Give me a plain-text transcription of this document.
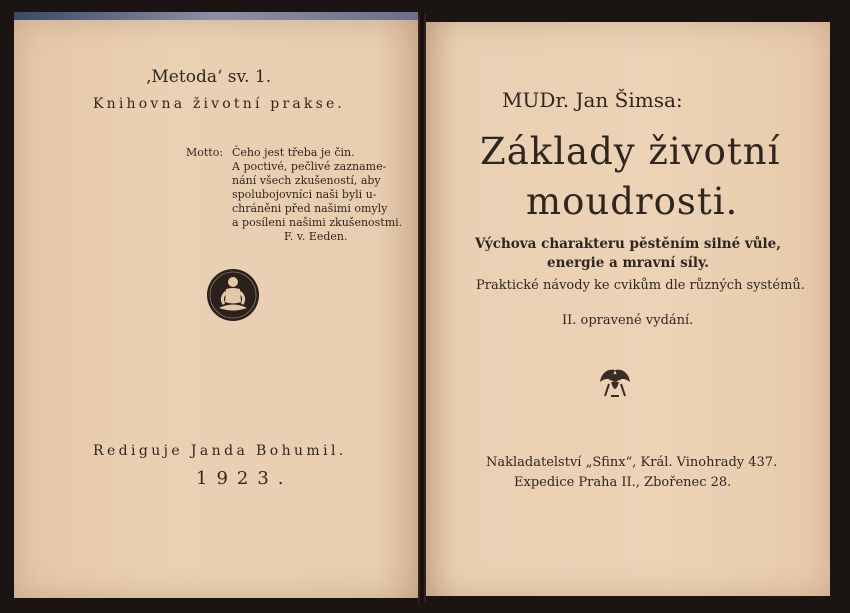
‚Metoda‘ sv. 1.

Knihovna životní prakse.

Motto: Čeho jest třeba je čin.

A poctivé, pečlivé zazname-

nání všech zkušeností, aby

spolubojovníci naši byli u-

chráněni před našimi omyly

a posíleni našimi zkušenostmi.

F. v. Eeden.

Rediguje Janda Bohumil.

1923.

MUDr. Jan Šimsa:

Základy životní
moudrosti.

Výchova charakteru pěstěním silné vůle,

energie a mravní síly.

Praktické návody ke cvikům dle různých systémů.

II. opravené vydání.

Nakladatelství „Sfinx“, Král. Vinohrady 437.

Expedice Praha II., Zbořenec 28.
